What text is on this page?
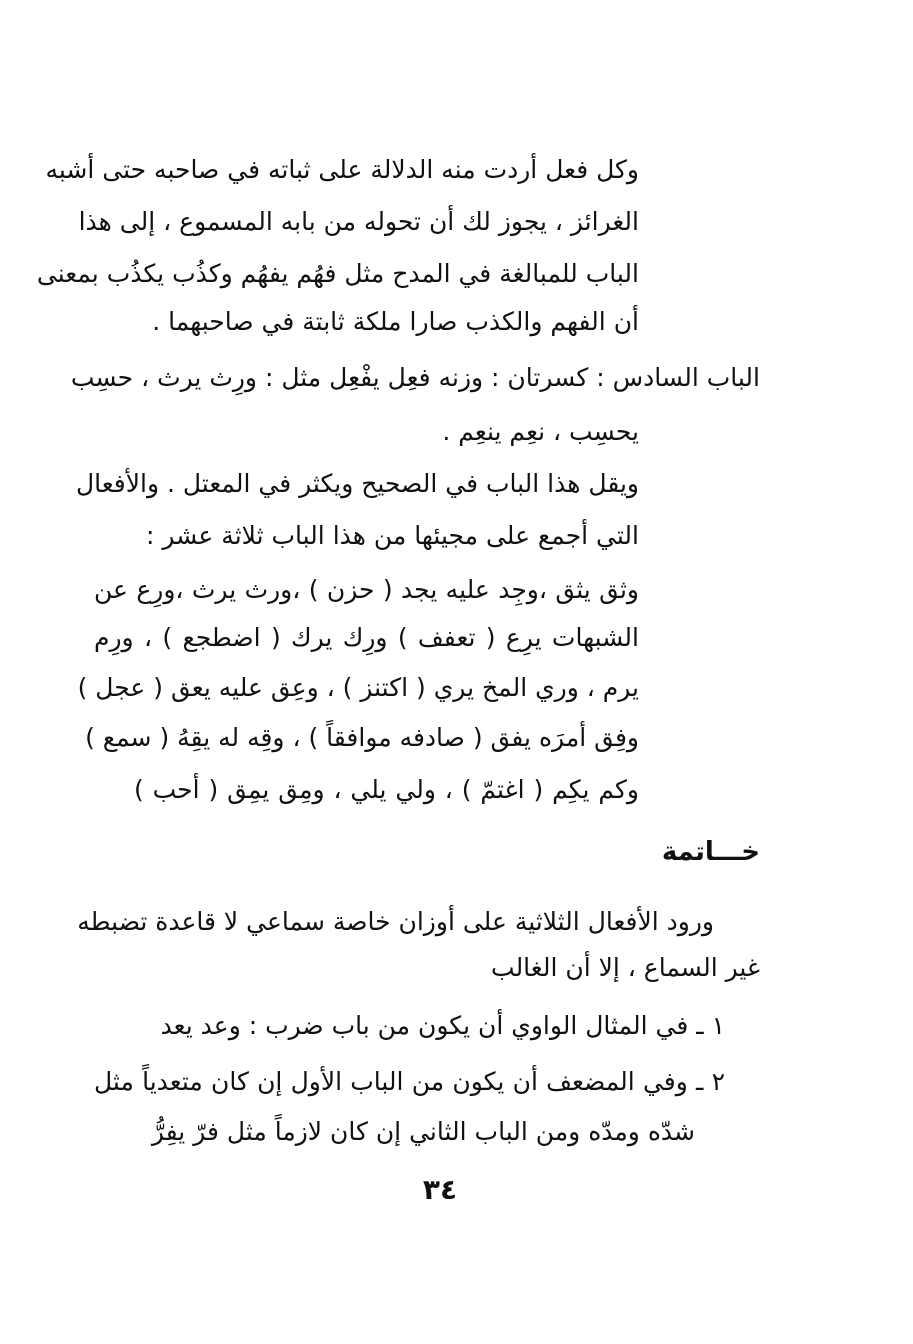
وكل فعل أردت منه الدلالة على ثباته في صاحبه حتى أشبه
الغرائز ، يجوز لك أن تحوله من بابه المسموع ، إلى هذا
الباب للمبالغة في المدح مثل فهُم يفهُم وكذُب يكذُب بمعنى
أن الفهم والكذب صارا ملكة ثابتة في صاحبهما .
الباب السادس : كسرتان : وزنه فعِل يفْعِل مثل : ورِث يرث ، حسِب
يحسِب ، نعِم ينعِم .
ويقل هذا الباب في الصحيح ويكثر في المعتل . والأفعال
التي أجمع على مجيئها من هذا الباب ثلاثة عشر :
وثق يثق ،وجِد عليه يجد ( حزن ) ،ورث يرث ،ورِع عن
الشبهات يرِع ( تعفف ) ورِك يرك ( اضطجع ) ، ورِم
يرم ، وري المخ يري ( اكتنز ) ، وعِق عليه يعق ( عجل )
وفِق أمرَه يفق ( صادفه موافقاً ) ، وقِه له يقِهُ ( سمع )
وكم يكِم ( اغتمّ ) ، ولي يلي ، ومِق يمِق ( أحب )
خـــاتمة
ورود الأفعال الثلاثية على أوزان خاصة سماعي لا قاعدة تضبطه
غير السماع ، إلا أن الغالب
١ ـ في المثال الواوي أن يكون من باب ضرب : وعد يعد
٢ ـ وفي المضعف أن يكون من الباب الأول إن كان متعدياً مثل
شدّه ومدّه ومن الباب الثاني إن كان لازماً مثل فرّ يفِرُّ
٣٤
